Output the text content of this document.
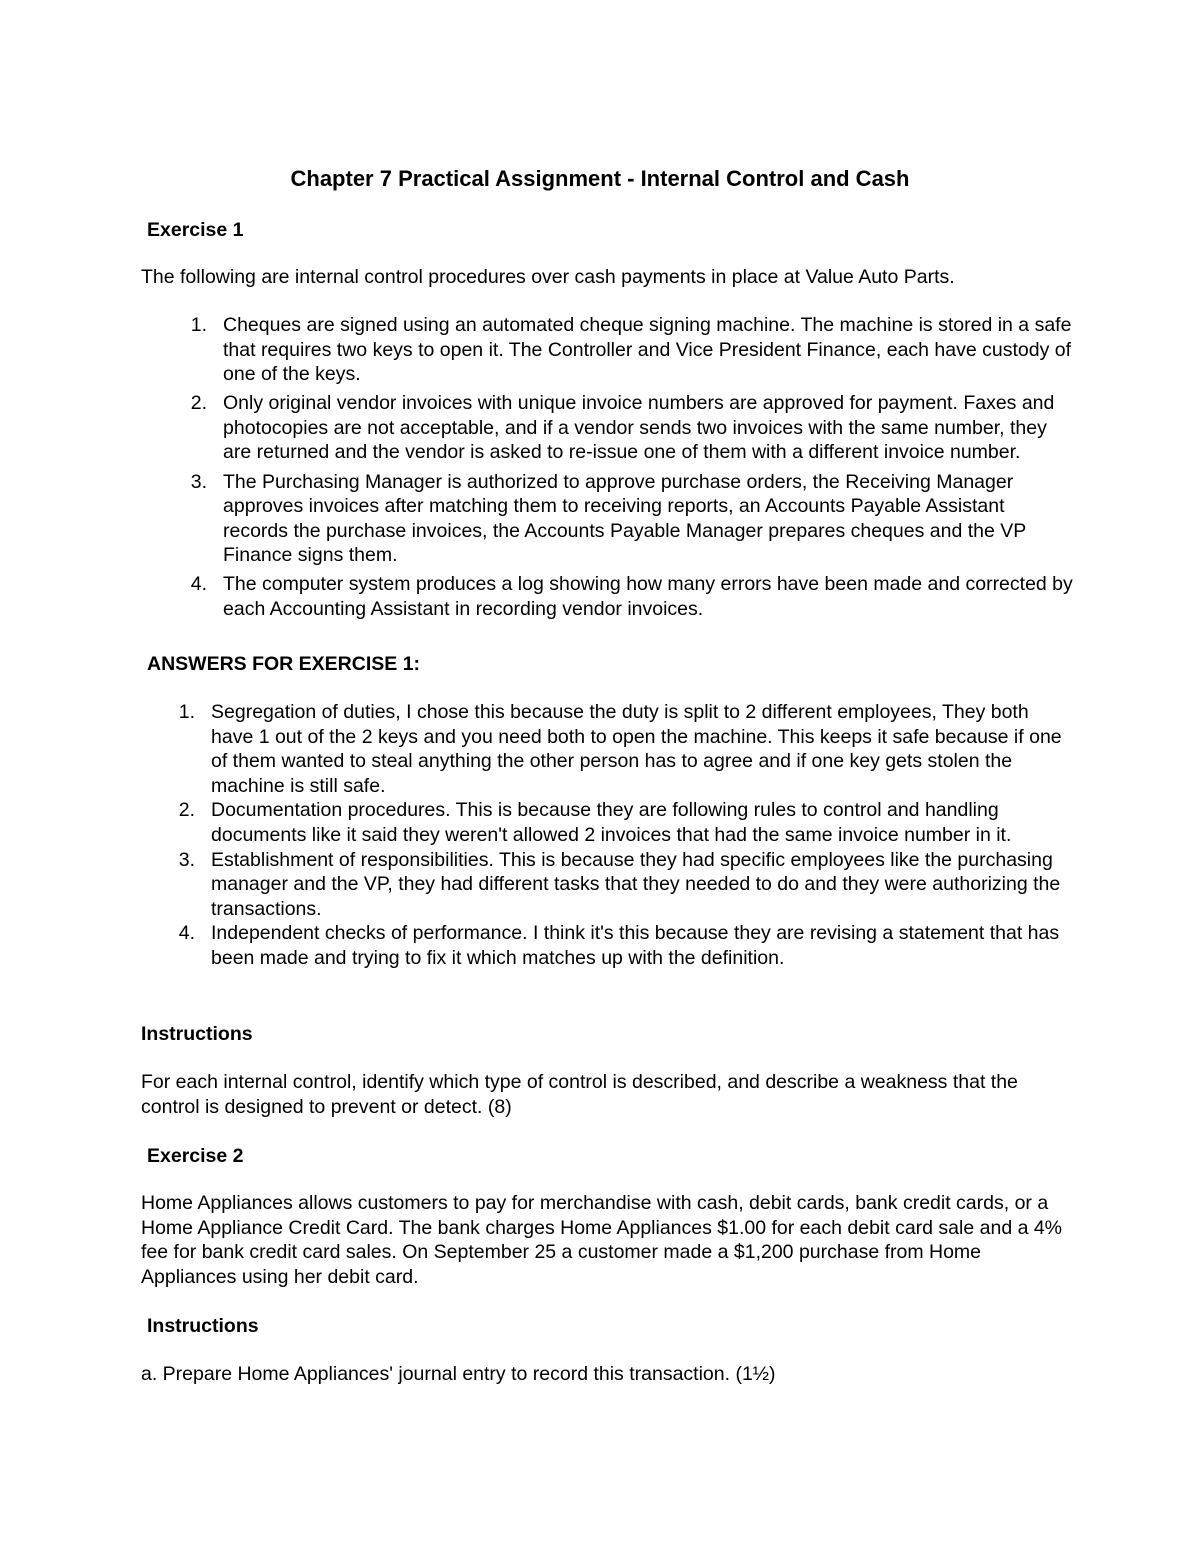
Chapter 7 Practical Assignment - Internal Control and Cash
Exercise 1

The following are internal control procedures over cash payments in place at Value Auto Parts.

1. Cheques are signed using an automated cheque signing machine. The machine is stored in a safe that requires two keys to open it. The Controller and Vice President Finance, each have custody of one of the keys.
2. Only original vendor invoices with unique invoice numbers are approved for payment. Faxes and photocopies are not acceptable, and if a vendor sends two invoices with the same number, they are returned and the vendor is asked to re-issue one of them with a different invoice number.
3. The Purchasing Manager is authorized to approve purchase orders, the Receiving Manager approves invoices after matching them to receiving reports, an Accounts Payable Assistant records the purchase invoices, the Accounts Payable Manager prepares cheques and the VP Finance signs them.
4. The computer system produces a log showing how many errors have been made and corrected by each Accounting Assistant in recording vendor invoices.
ANSWERS FOR EXERCISE 1:
1. Segregation of duties, I chose this because the duty is split to 2 different employees, They both have 1 out of the 2 keys and you need both to open the machine. This keeps it safe because if one of them wanted to steal anything the other person has to agree and if one key gets stolen the machine is still safe.
2. Documentation procedures. This is because they are following rules to control and handling documents like it said they weren't allowed 2 invoices that had the same invoice number in it.
3. Establishment of responsibilities. This is because they had specific employees like the purchasing manager and the VP, they had different tasks that they needed to do and they were authorizing the transactions.
4. Independent checks of performance. I think it's this because they are revising a statement that has been made and trying to fix it which matches up with the definition.
Instructions

For each internal control, identify which type of control is described, and describe a weakness that the control is designed to prevent or detect. (8)

Exercise 2

Home Appliances allows customers to pay for merchandise with cash, debit cards, bank credit cards, or a Home Appliance Credit Card. The bank charges Home Appliances $1.00 for each debit card sale and a 4% fee for bank credit card sales. On September 25 a customer made a $1,200 purchase from Home Appliances using her debit card.

Instructions

a. Prepare Home Appliances' journal entry to record this transaction. (1½)
